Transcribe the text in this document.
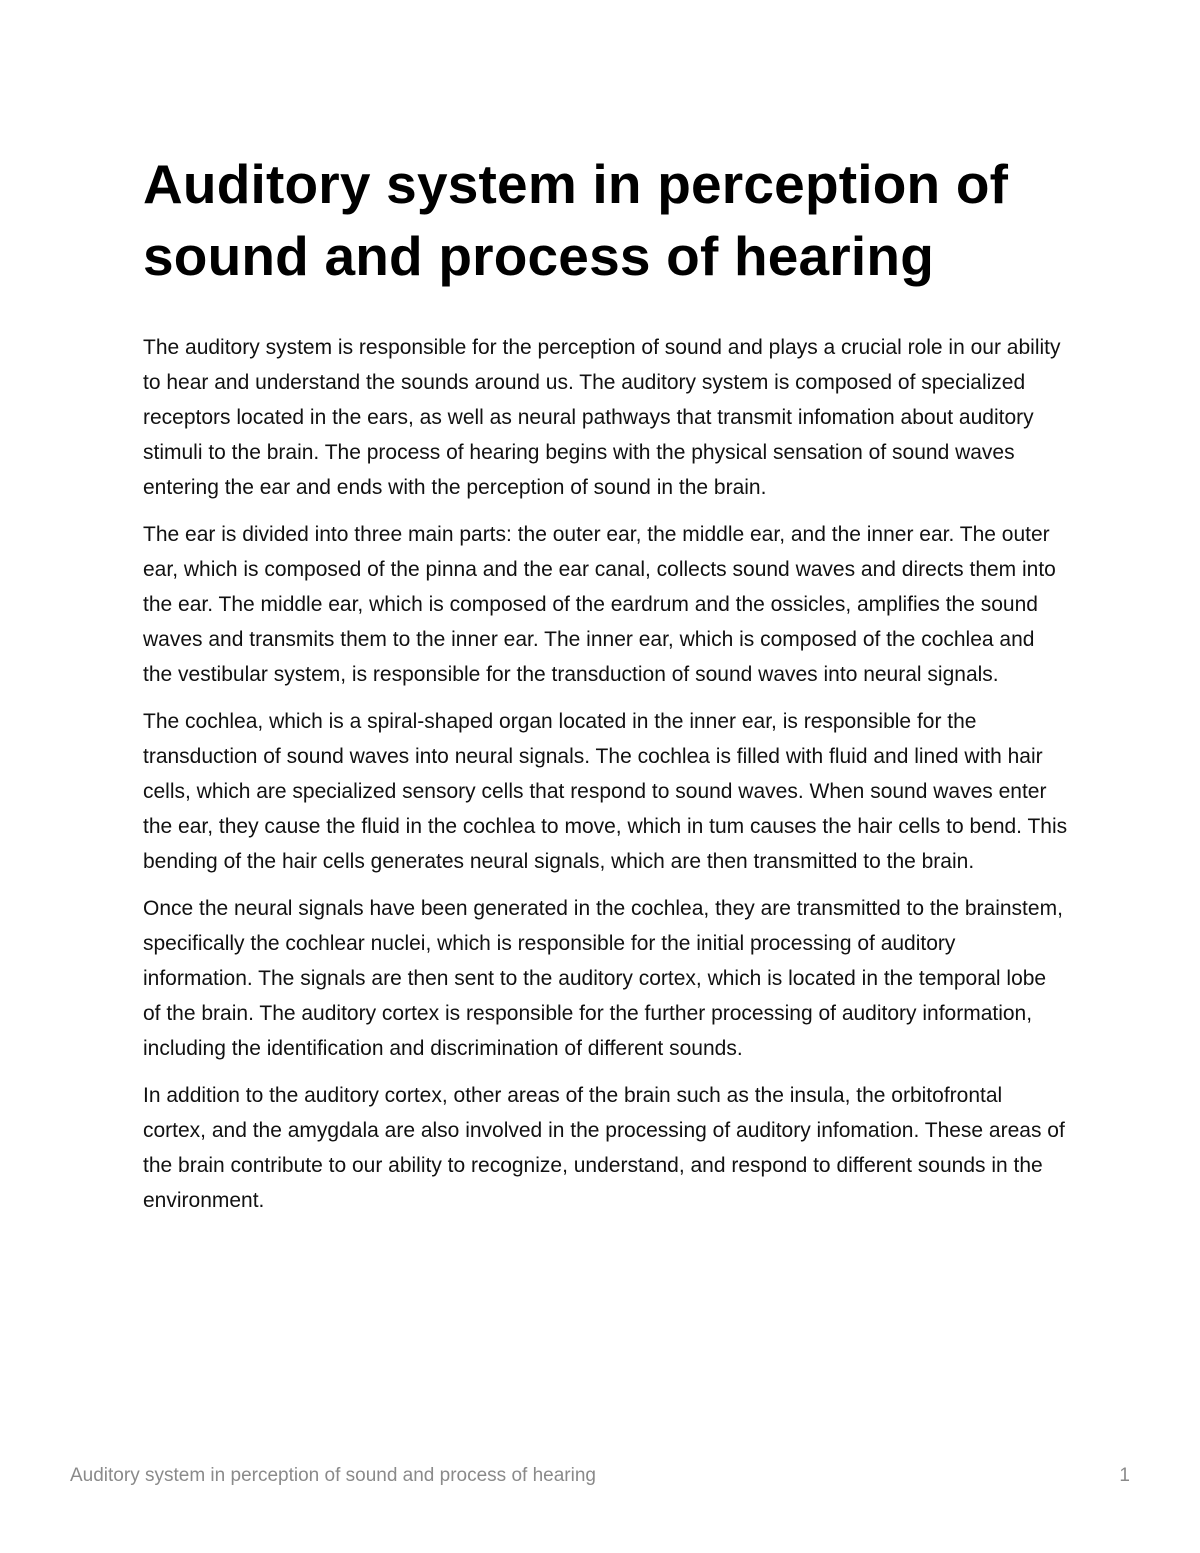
Auditory system in perception of sound and process of hearing

The auditory system is responsible for the perception of sound and plays a crucial role in our ability to hear and understand the sounds around us. The auditory system is composed of specialized receptors located in the ears, as well as neural pathways that transmit infomation about auditory stimuli to the brain. The process of hearing begins with the physical sensation of sound waves entering the ear and ends with the perception of sound in the brain.

The ear is divided into three main parts: the outer ear, the middle ear, and the inner ear. The outer ear, which is composed of the pinna and the ear canal, collects sound waves and directs them into the ear. The middle ear, which is composed of the eardrum and the ossicles, amplifies the sound waves and transmits them to the inner ear. The inner ear, which is composed of the cochlea and the vestibular system, is responsible for the transduction of sound waves into neural signals.

The cochlea, which is a spiral-shaped organ located in the inner ear, is responsible for the transduction of sound waves into neural signals. The cochlea is filled with fluid and lined with hair cells, which are specialized sensory cells that respond to sound waves. When sound waves enter the ear, they cause the fluid in the cochlea to move, which in tum causes the hair cells to bend. This bending of the hair cells generates neural signals, which are then transmitted to the brain.

Once the neural signals have been generated in the cochlea, they are transmitted to the brainstem, specifically the cochlear nuclei, which is responsible for the initial processing of auditory information. The signals are then sent to the auditory cortex, which is located in the temporal lobe of the brain. The auditory cortex is responsible for the further processing of auditory information, including the identification and discrimination of different sounds.

In addition to the auditory cortex, other areas of the brain such as the insula, the orbitofrontal cortex, and the amygdala are also involved in the processing of auditory infomation. These areas of the brain contribute to our ability to recognize, understand, and respond to different sounds in the environment.

Auditory system in perception of sound and process of hearing	1
